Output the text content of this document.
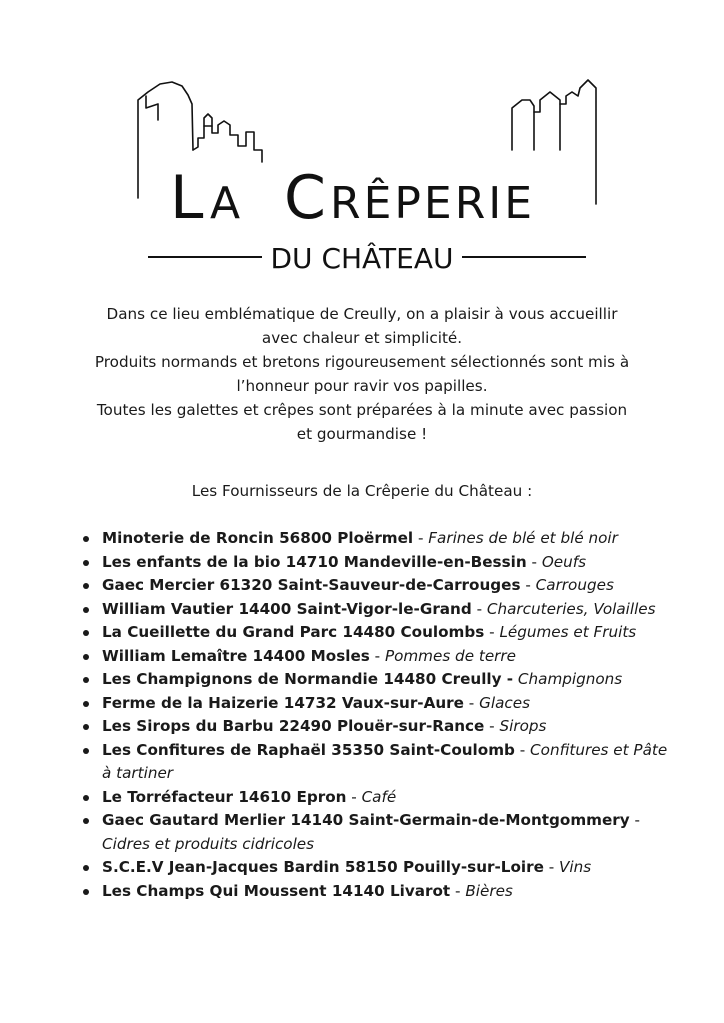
L A C RÊPERIE
DU CHÂTEAU

Dans ce lieu emblématique de Creully, on a plaisir à vous accueillir

avec chaleur et simplicité.

Produits normands et bretons rigoureusement sélectionnés sont mis à

l’honneur pour ravir vos papilles.

Toutes les galettes et crêpes sont préparées à la minute avec passion

et gourmandise !

Les Fournisseurs de la Crêperie du Château :
Minoterie de Roncin 56800 Ploërmel - Farines de blé et blé noir
Les enfants de la bio 14710 Mandeville-en-Bessin - Oeufs
Gaec Mercier 61320 Saint-Sauveur-de-Carrouges - Carrouges
William Vautier 14400 Saint-Vigor-le-Grand - Charcuteries, Volailles
La Cueillette du Grand Parc 14480 Coulombs - Légumes et Fruits
William Lemaître 14400 Mosles - Pommes de terre
Les Champignons de Normandie 14480 Creully - Champignons
Ferme de la Haizerie 14732 Vaux-sur-Aure - Glaces
Les Sirops du Barbu 22490 Plouër-sur-Rance - Sirops
Les Confitures de Raphaël 35350 Saint-Coulomb - Confitures et Pâte à tartiner
Le Torréfacteur 14610 Epron - Café
Gaec Gautard Merlier 14140 Saint-Germain-de-Montgommery - Cidres et produits cidricoles
S.C.E.V Jean-Jacques Bardin 58150 Pouilly-sur-Loire - Vins
Les Champs Qui Moussent 14140 Livarot - Bières
